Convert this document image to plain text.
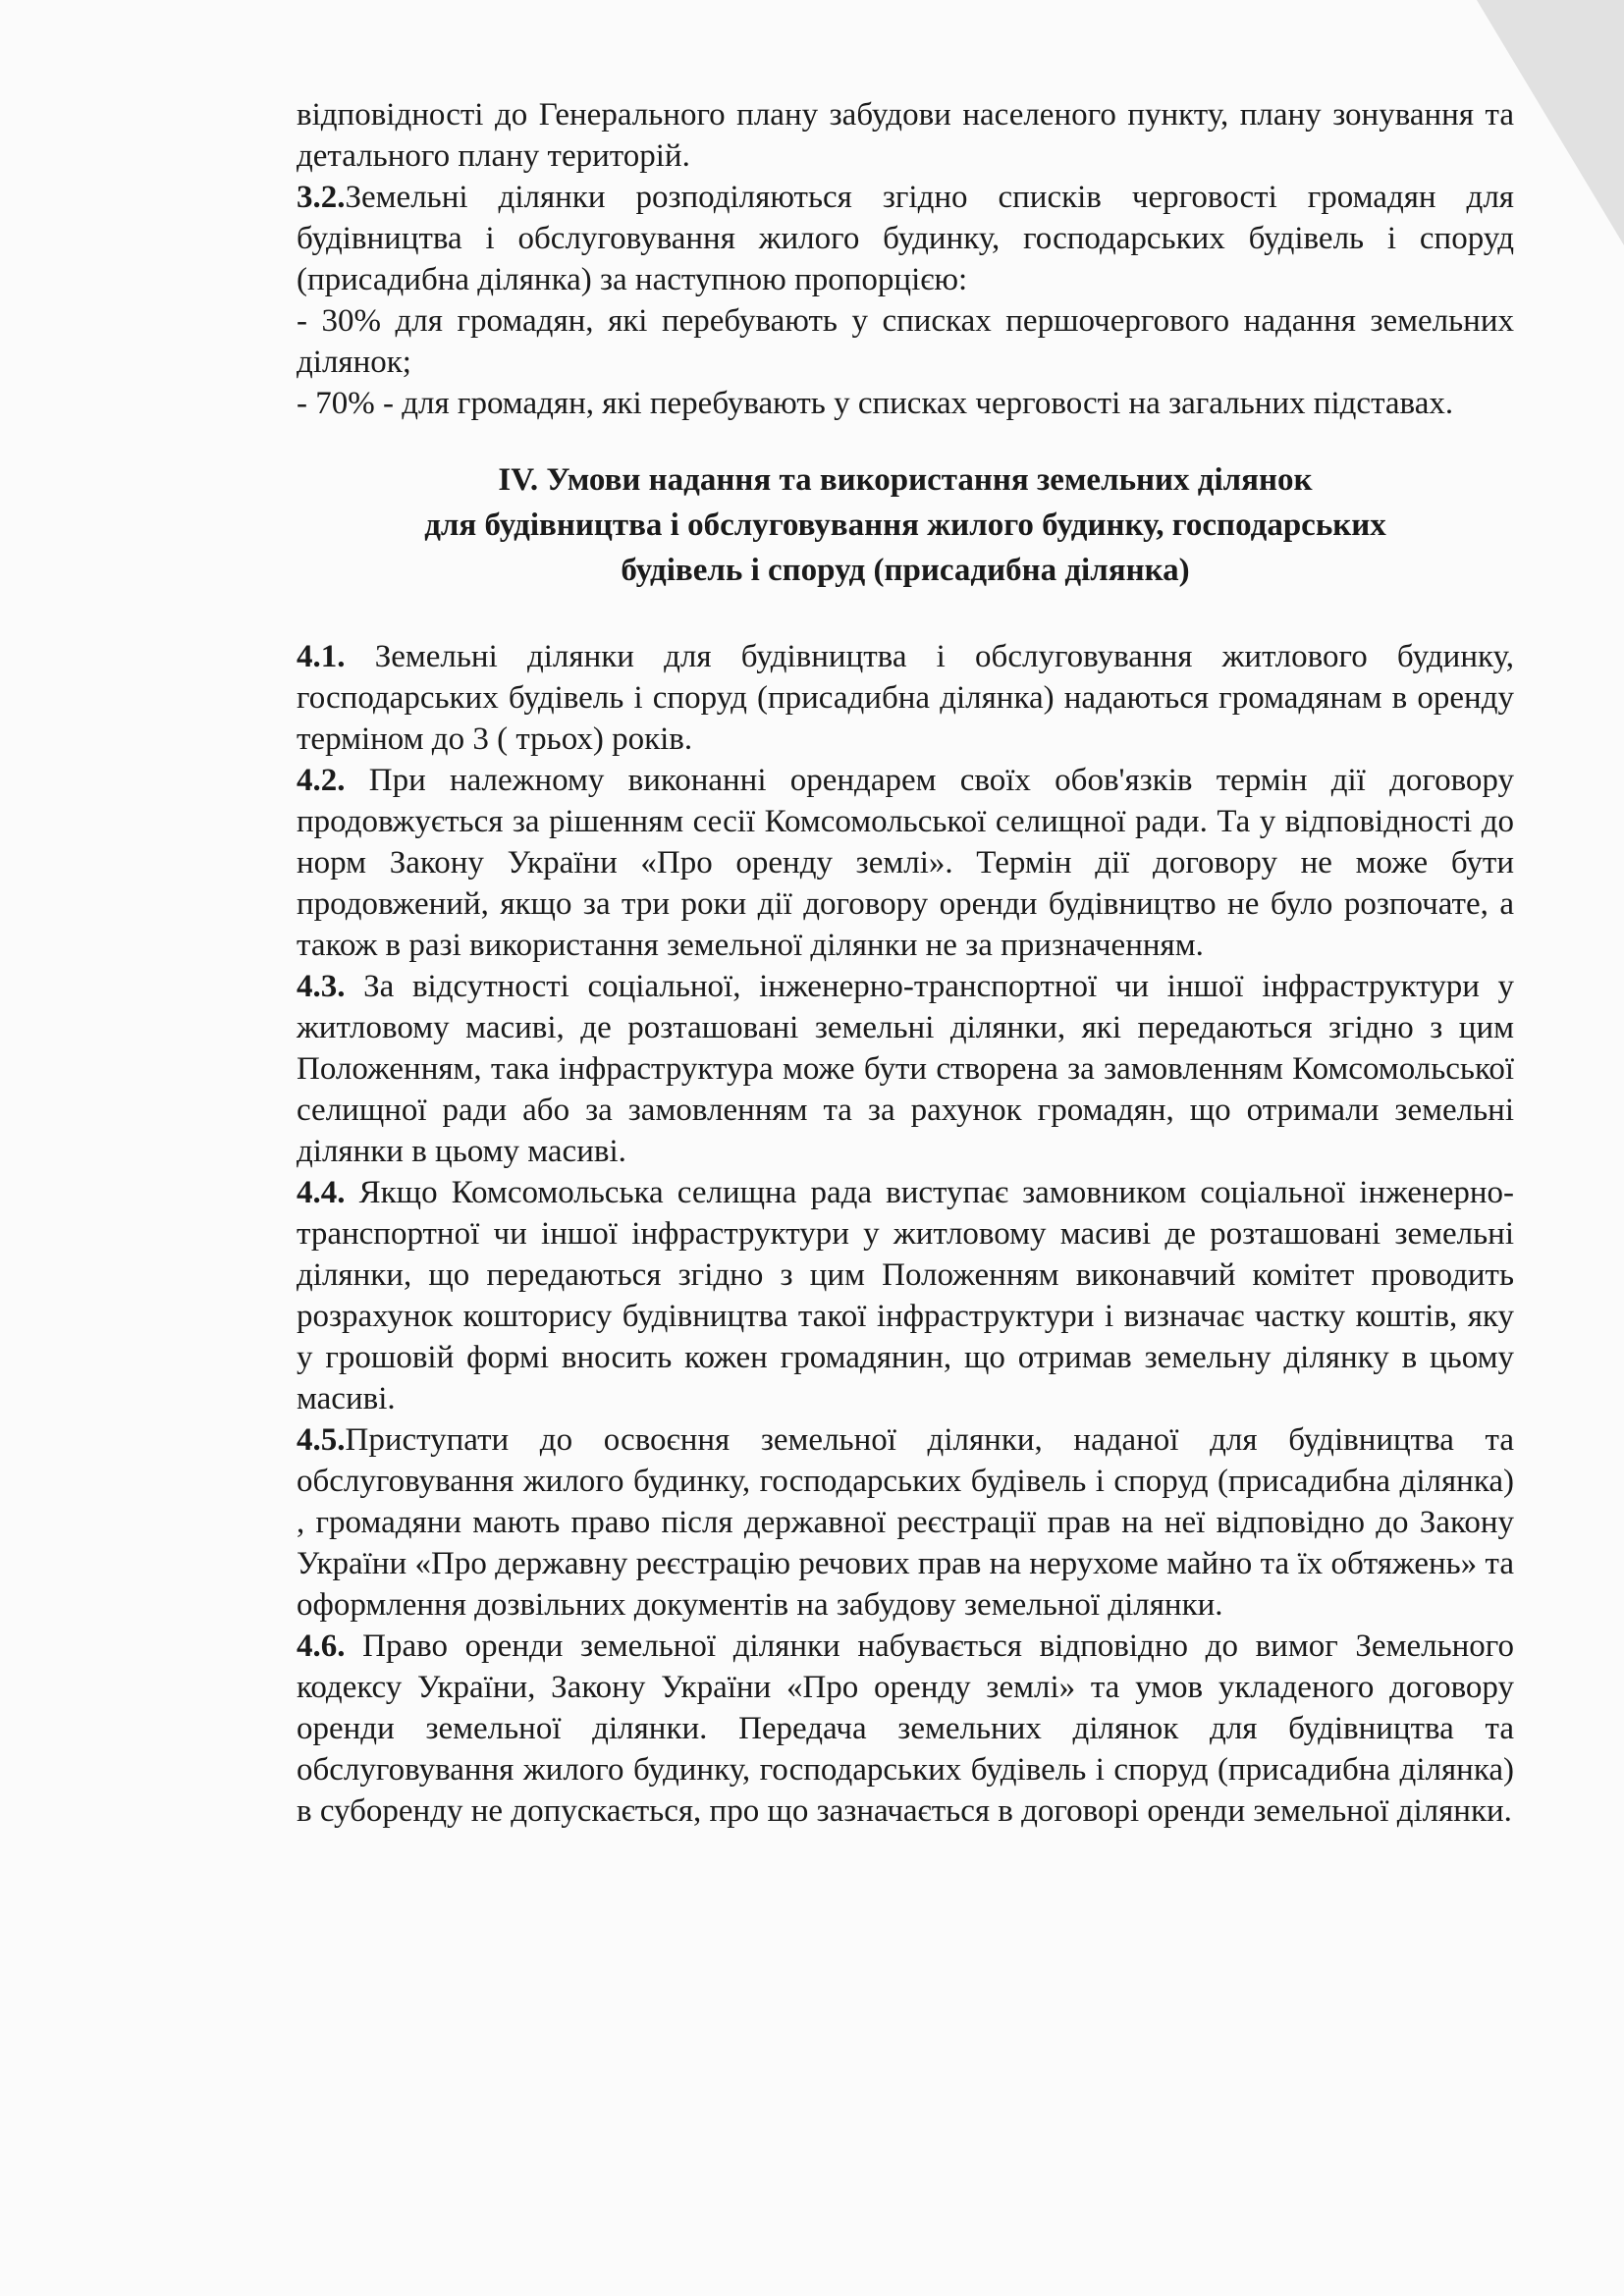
відповідності до Генерального плану забудови населеного пункту, плану зонування та детального плану територій.

3.2.Земельні ділянки розподіляються згідно списків черговості громадян для будівництва і обслуговування жилого будинку, господарських будівель і споруд (присадибна ділянка) за наступною пропорцією:

- 30% для громадян, які перебувають у списках першочергового надання земельних ділянок;

- 70% - для громадян, які перебувають у списках черговості на загальних підставах.

IV. Умови надання та використання земельних ділянок
для будівництва і обслуговування жилого будинку, господарських
будівель і споруд (присадибна ділянка)

4.1. Земельні ділянки для будівництва і обслуговування житлового будинку, господарських будівель і споруд (присадибна ділянка) надаються громадянам в оренду терміном до 3 ( трьох) років.

4.2. При належному виконанні орендарем своїх обов'язків термін дії договору продовжується за рішенням сесії Комсомольської селищної ради. Та у відповідності до норм Закону України «Про оренду землі». Термін дії договору не може бути продовжений, якщо за три роки дії договору оренди будівництво не було розпочате, а також в разі використання земельної ділянки не за призначенням.

4.3. За відсутності соціальної, інженерно-транспортної чи іншої інфраструктури у житловому масиві, де розташовані земельні ділянки, які передаються згідно з цим Положенням, така інфраструктура може бути створена за замовленням Комсомольської селищної ради або за замовленням та за рахунок громадян, що отримали земельні ділянки в цьому масиві.

4.4. Якщо Комсомольська селищна рада виступає замовником соціальної інженерно-транспортної чи іншої інфраструктури у житловому масиві де розташовані земельні ділянки, що передаються згідно з цим Положенням виконавчий комітет проводить розрахунок кошторису будівництва такої інфраструктури і визначає частку коштів, яку у грошовій формі вносить кожен громадянин, що отримав земельну ділянку в цьому масиві.

4.5.Приступати до освоєння земельної ділянки, наданої для будівництва та обслуговування жилого будинку, господарських будівель і споруд (присадибна ділянка) , громадяни мають право після державної реєстрації прав на неї відповідно до Закону України «Про державну реєстрацію речових прав на нерухоме майно та їх обтяжень» та оформлення дозвільних документів на забудову земельної ділянки.

4.6. Право оренди земельної ділянки набувається відповідно до вимог Земельного кодексу України, Закону України «Про оренду землі» та умов укладеного договору оренди земельної ділянки. Передача земельних ділянок для будівництва та обслуговування жилого будинку, господарських будівель і споруд (присадибна ділянка) в суборенду не допускається, про що зазначається в договорі оренди земельної ділянки.
